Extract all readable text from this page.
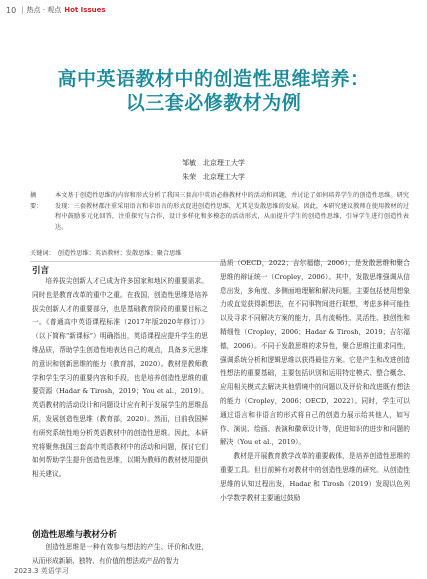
10 | 热点 · 观点 Hot Issues
高中英语教材中的创造性思维培养：
以三套必修教材为例
邹敏 北京理工大学
朱荣 北京理工大学
摘　要：
本文基于创造性思维的内容和形式分析了我国三套高中英语必修教材中的活动和问题，并讨论了如何培养学生的创造性思维。研究发现：三套教材都注重采用语言和非语言的形式促进创造性思维，尤其是发散思维的发展。因此，本研究建议教师在使用教材的过程中鼓励多元化回答，注重探究与合作，设计多样化和多模态的活动形式，从而提升学生的创造性思维，引导学生进行创造性表达。
关键词： 创造性思维；英语教材；发散思维；聚合思维
引言

培养拔尖创新人才已成为许多国家和地区的重要需求。同时也是教育改革的重中之重。在我国，创造性思维是培养拔尖创新人才的重要部分，也是基础教育阶段的重要目标之一。《普通高中英语课程标准（2017年版2020年修订）》（以下简称“新课标”）明确指出，英语课程应提升学生的思维品质，帮助学生创造性地表达自己的观点，具备多元思维的意识和创新思维的能力（教育部，2020）。教材是教师教学和学生学习的重要内容和手段，也是培养创造性思维的重要资源（Hadar & Tirosh，2019；You et al.，2019）。英语教材的活动设计和问题设计应有利于发展学生的思维品质，发展创造性思维（教育部，2020）。然而，目前我国鲜有研究系统性地分析英语教材中的创造性思维。因此，本研究将聚焦我国三套高中英语教材中的活动和问题，探讨它们如何帮助学生提升创造性思维，以期为教师的教材使用提供相关建议。

创造性思维与教材分析

创造性思维是一种有效参与想法的产生、评价和改进，从而形成新颖、独特、有价值的想法或产品的智力

品质（OECD，2022；吉尔福德，2006），是发散思维和聚合思维的辩证统一（Cropley，2006）。其中，发散思维强调从信息出发，多角度、多侧面地理解和解决问题，主要包括使用想象力或直觉获得新想法，在不同事物间进行联想，考虑多种可能性以及寻求不同解决方案的能力，具有流畅性、灵活性、独创性和精细性（Cropley，2006；Hadar & Tirosh，2019；吉尔福德，2006）。不同于发散思维的求异性，聚合思维注重求同性，强调系统分析和逻辑思维以获得最佳方案。它是产生和改进创造性想法的重要基础，主要包括识别和运用特定模式、整合概念、应用相关模式去解决其他情境中的问题以及评价和改进既有想法的能力（Cropley，2006；OECD，2022）。同时，学生可以通过语言和非语言的形式将自己的创造力展示给其他人，如写作、演说、绘画、表演和徽章设计等，促进知识的进步和问题的解决（You et al.，2019）。

教材是开展教育教学改革的重要载体，是培养创造性思维的重要工具。但目前鲜有对教材中的创造性思维的研究。从创造性思维的认知过程出发，Hadar 和 Tirosh（2019）发现以色列小学数学教材主要通过鼓励

2023.3 英语学习
